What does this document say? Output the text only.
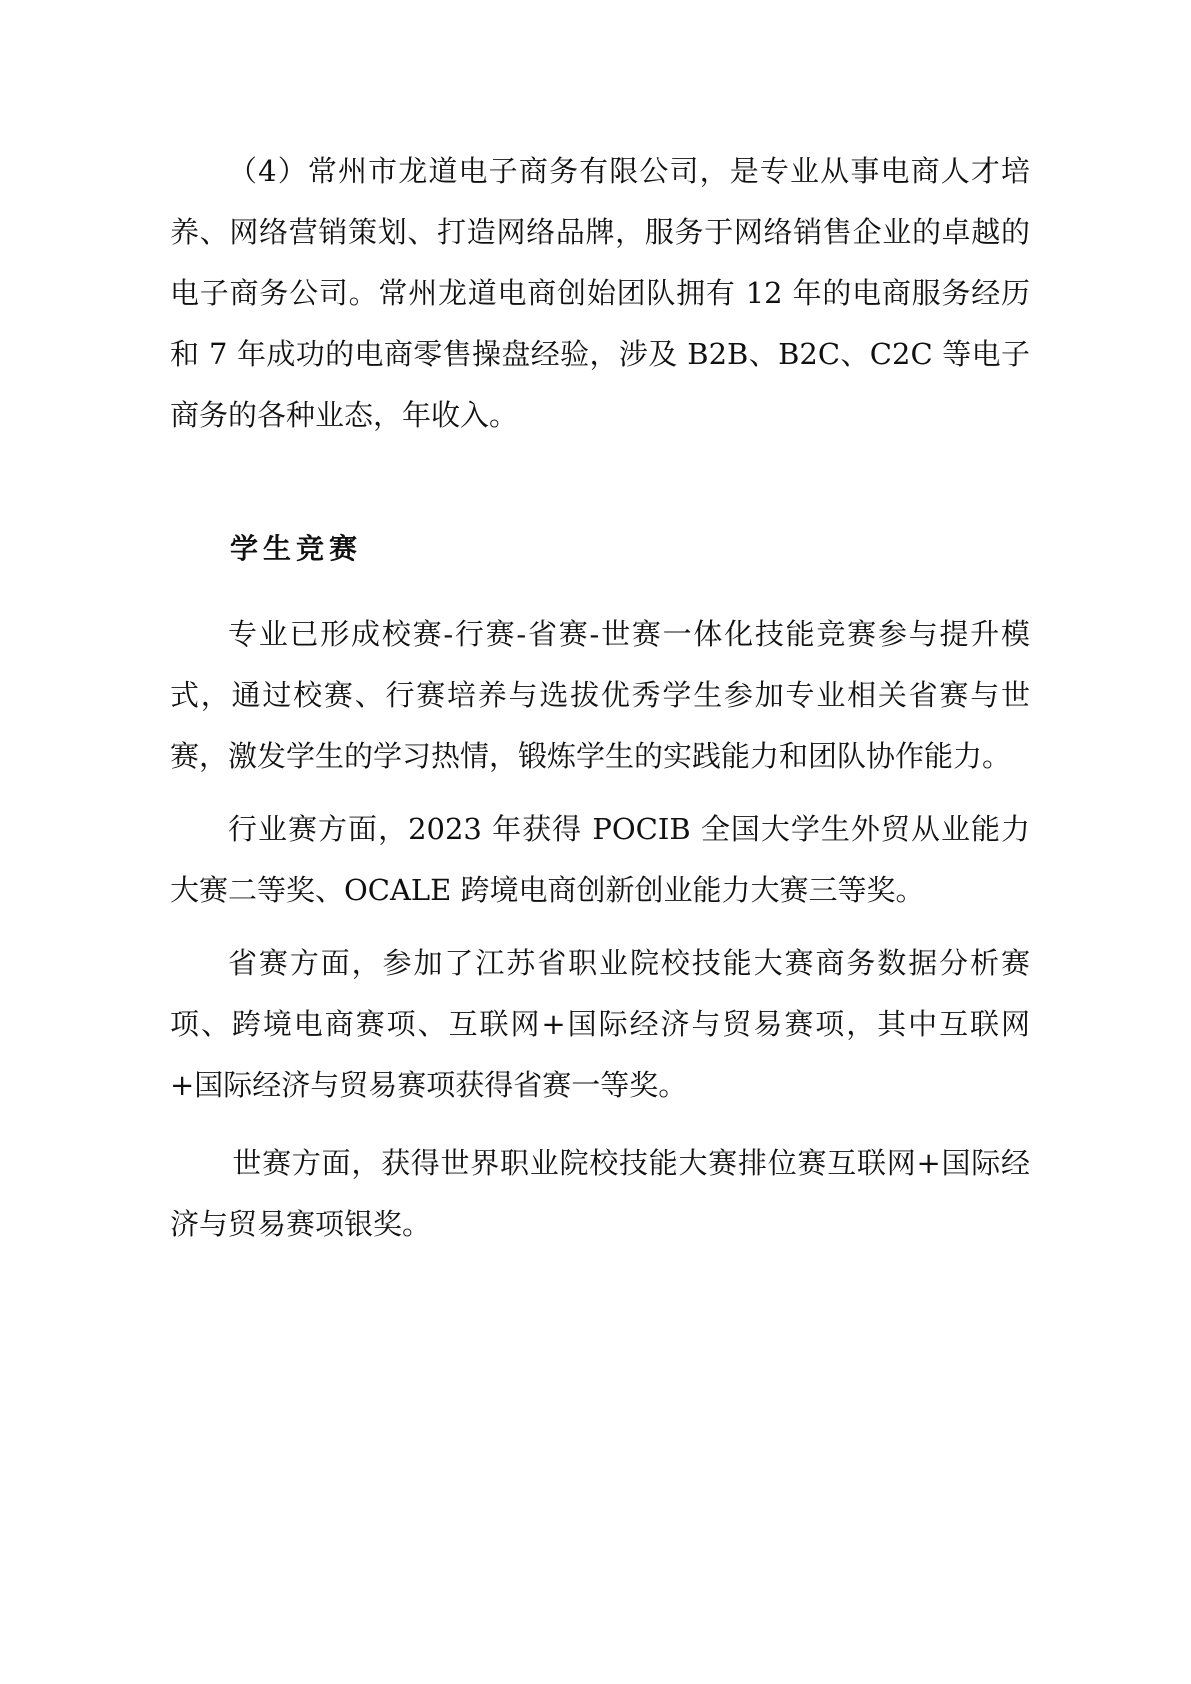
（4）常州市龙道电子商务有限公司，是专业从事电商人才培养、网络营销策划、打造网络品牌，服务于网络销售企业的卓越的电子商务公司。常州龙道电商创始团队拥有 12 年的电商服务经历和 7 年成功的电商零售操盘经验，涉及 B2B、B2C、C2C 等电子商务的各种业态，年收入。

学生竞赛

专业已形成校赛-行赛-省赛-世赛一体化技能竞赛参与提升模式，通过校赛、行赛培养与选拔优秀学生参加专业相关省赛与世赛，激发学生的学习热情，锻炼学生的实践能力和团队协作能力。

行业赛方面，2023 年获得 POCIB 全国大学生外贸从业能力大赛二等奖、OCALE 跨境电商创新创业能力大赛三等奖。

省赛方面，参加了江苏省职业院校技能大赛商务数据分析赛项、跨境电商赛项、互联网+国际经济与贸易赛项，其中互联网+国际经济与贸易赛项获得省赛一等奖。

世赛方面，获得世界职业院校技能大赛排位赛互联网+国际经济与贸易赛项银奖。
